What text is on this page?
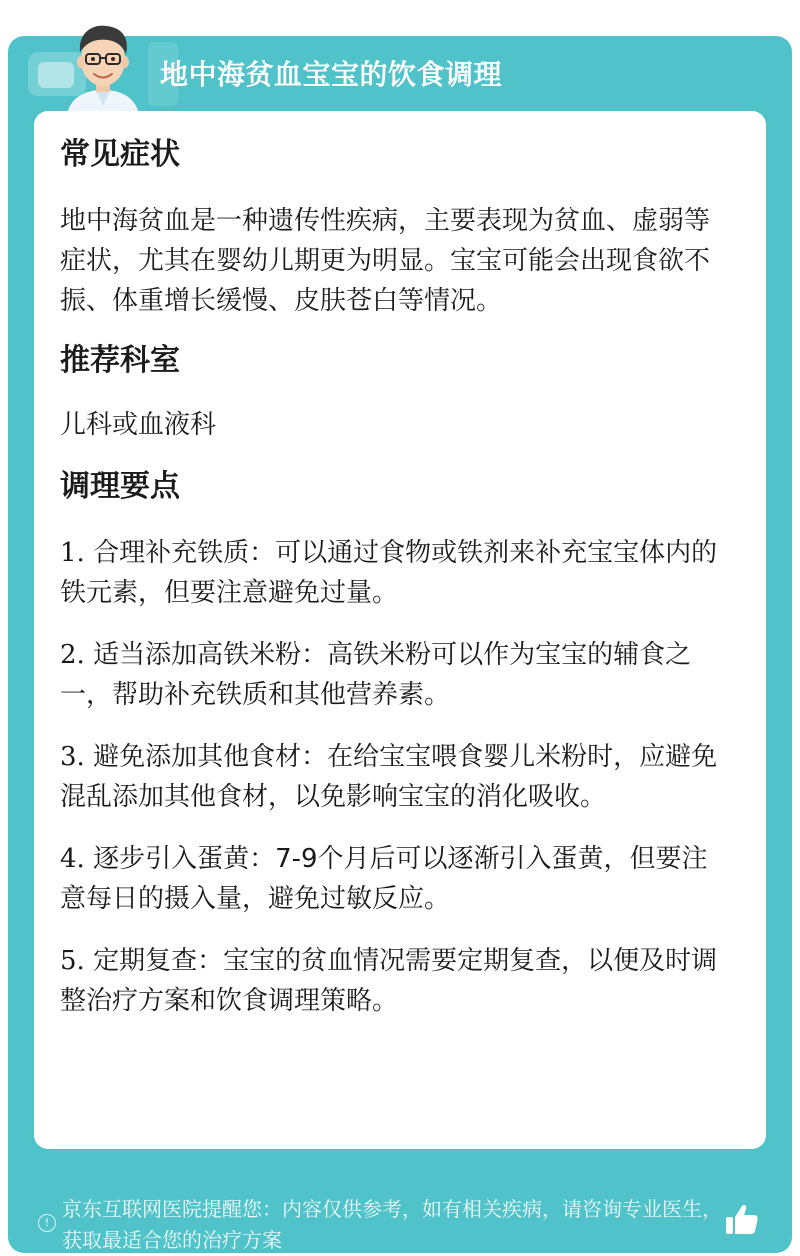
地中海贫血宝宝的饮食调理
!
京东互联网医院提醒您：内容仅供参考，如有相关疾病，请咨询专业医生，获取最适合您的治疗方案
常见症状

地中海贫血是一种遗传性疾病，主要表现为贫血、虚弱等症状，尤其在婴幼儿期更为明显。宝宝可能会出现食欲不振、体重增长缓慢、皮肤苍白等情况。

推荐科室

儿科或血液科

调理要点

1. 合理补充铁质：可以通过食物或铁剂来补充宝宝体内的铁元素，但要注意避免过量。

2. 适当添加高铁米粉：高铁米粉可以作为宝宝的辅食之一，帮助补充铁质和其他营养素。

3. 避免添加其他食材：在给宝宝喂食婴儿米粉时，应避免混乱添加其他食材，以免影响宝宝的消化吸收。

4. 逐步引入蛋黄：7-9个月后可以逐渐引入蛋黄，但要注意每日的摄入量，避免过敏反应。

5. 定期复查：宝宝的贫血情况需要定期复查，以便及时调整治疗方案和饮食调理策略。
